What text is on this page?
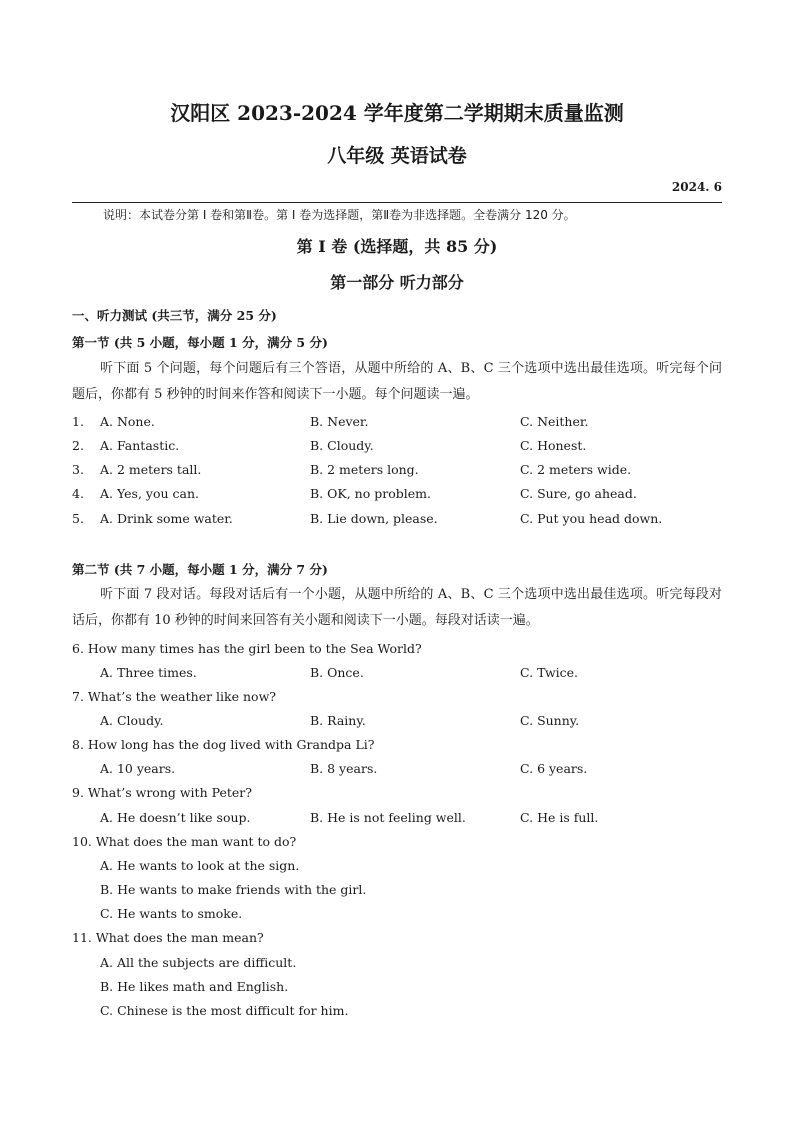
汉阳区 2023-2024 学年度第二学期期末质量监测
八年级 英语试卷
2024. 6
说明：本试卷分第 I 卷和第Ⅱ卷。第 I 卷为选择题，第Ⅱ卷为非选择题。全卷满分 120 分。
第 I 卷 (选择题，共 85 分)
第一部分 听力部分
一、听力测试 (共三节，满分 25 分)
第一节 (共 5 小题，每小题 1 分，满分 5 分)
听下面 5 个问题，每个问题后有三个答语，从题中所给的 A、B、C 三个选项中选出最佳选项。听完每个问题后，你都有 5 秒钟的时间来作答和阅读下一小题。每个问题读一遍。
1. A. None.	B. Never.	C. Neither.
2. A. Fantastic.	B. Cloudy.	C. Honest.
3. A. 2 meters tall.	B. 2 meters long.	C. 2 meters wide.
4. A. Yes, you can.	B. OK, no problem.	C. Sure, go ahead.
5. A. Drink some water.	B. Lie down, please.	C. Put you head down.
第二节 (共 7 小题，每小题 1 分，满分 7 分)
听下面 7 段对话。每段对话后有一个小题，从题中所给的 A、B、C 三个选项中选出最佳选项。听完每段对话后，你都有 10 秒钟的时间来回答有关小题和阅读下一小题。每段对话读一遍。
6. How many times has the girl been to the Sea World?
A. Three times.	B. Once.	C. Twice.
7. What’s the weather like now?
A. Cloudy.	B. Rainy.	C. Sunny.
8. How long has the dog lived with Grandpa Li?
A. 10 years.	B. 8 years.	C. 6 years.
9. What’s wrong with Peter?
A. He doesn’t like soup.	B. He is not feeling well.	C. He is full.
10. What does the man want to do?
A. He wants to look at the sign.
B. He wants to make friends with the girl.
C. He wants to smoke.
11. What does the man mean?
A. All the subjects are difficult.
B. He likes math and English.
C. Chinese is the most difficult for him.
